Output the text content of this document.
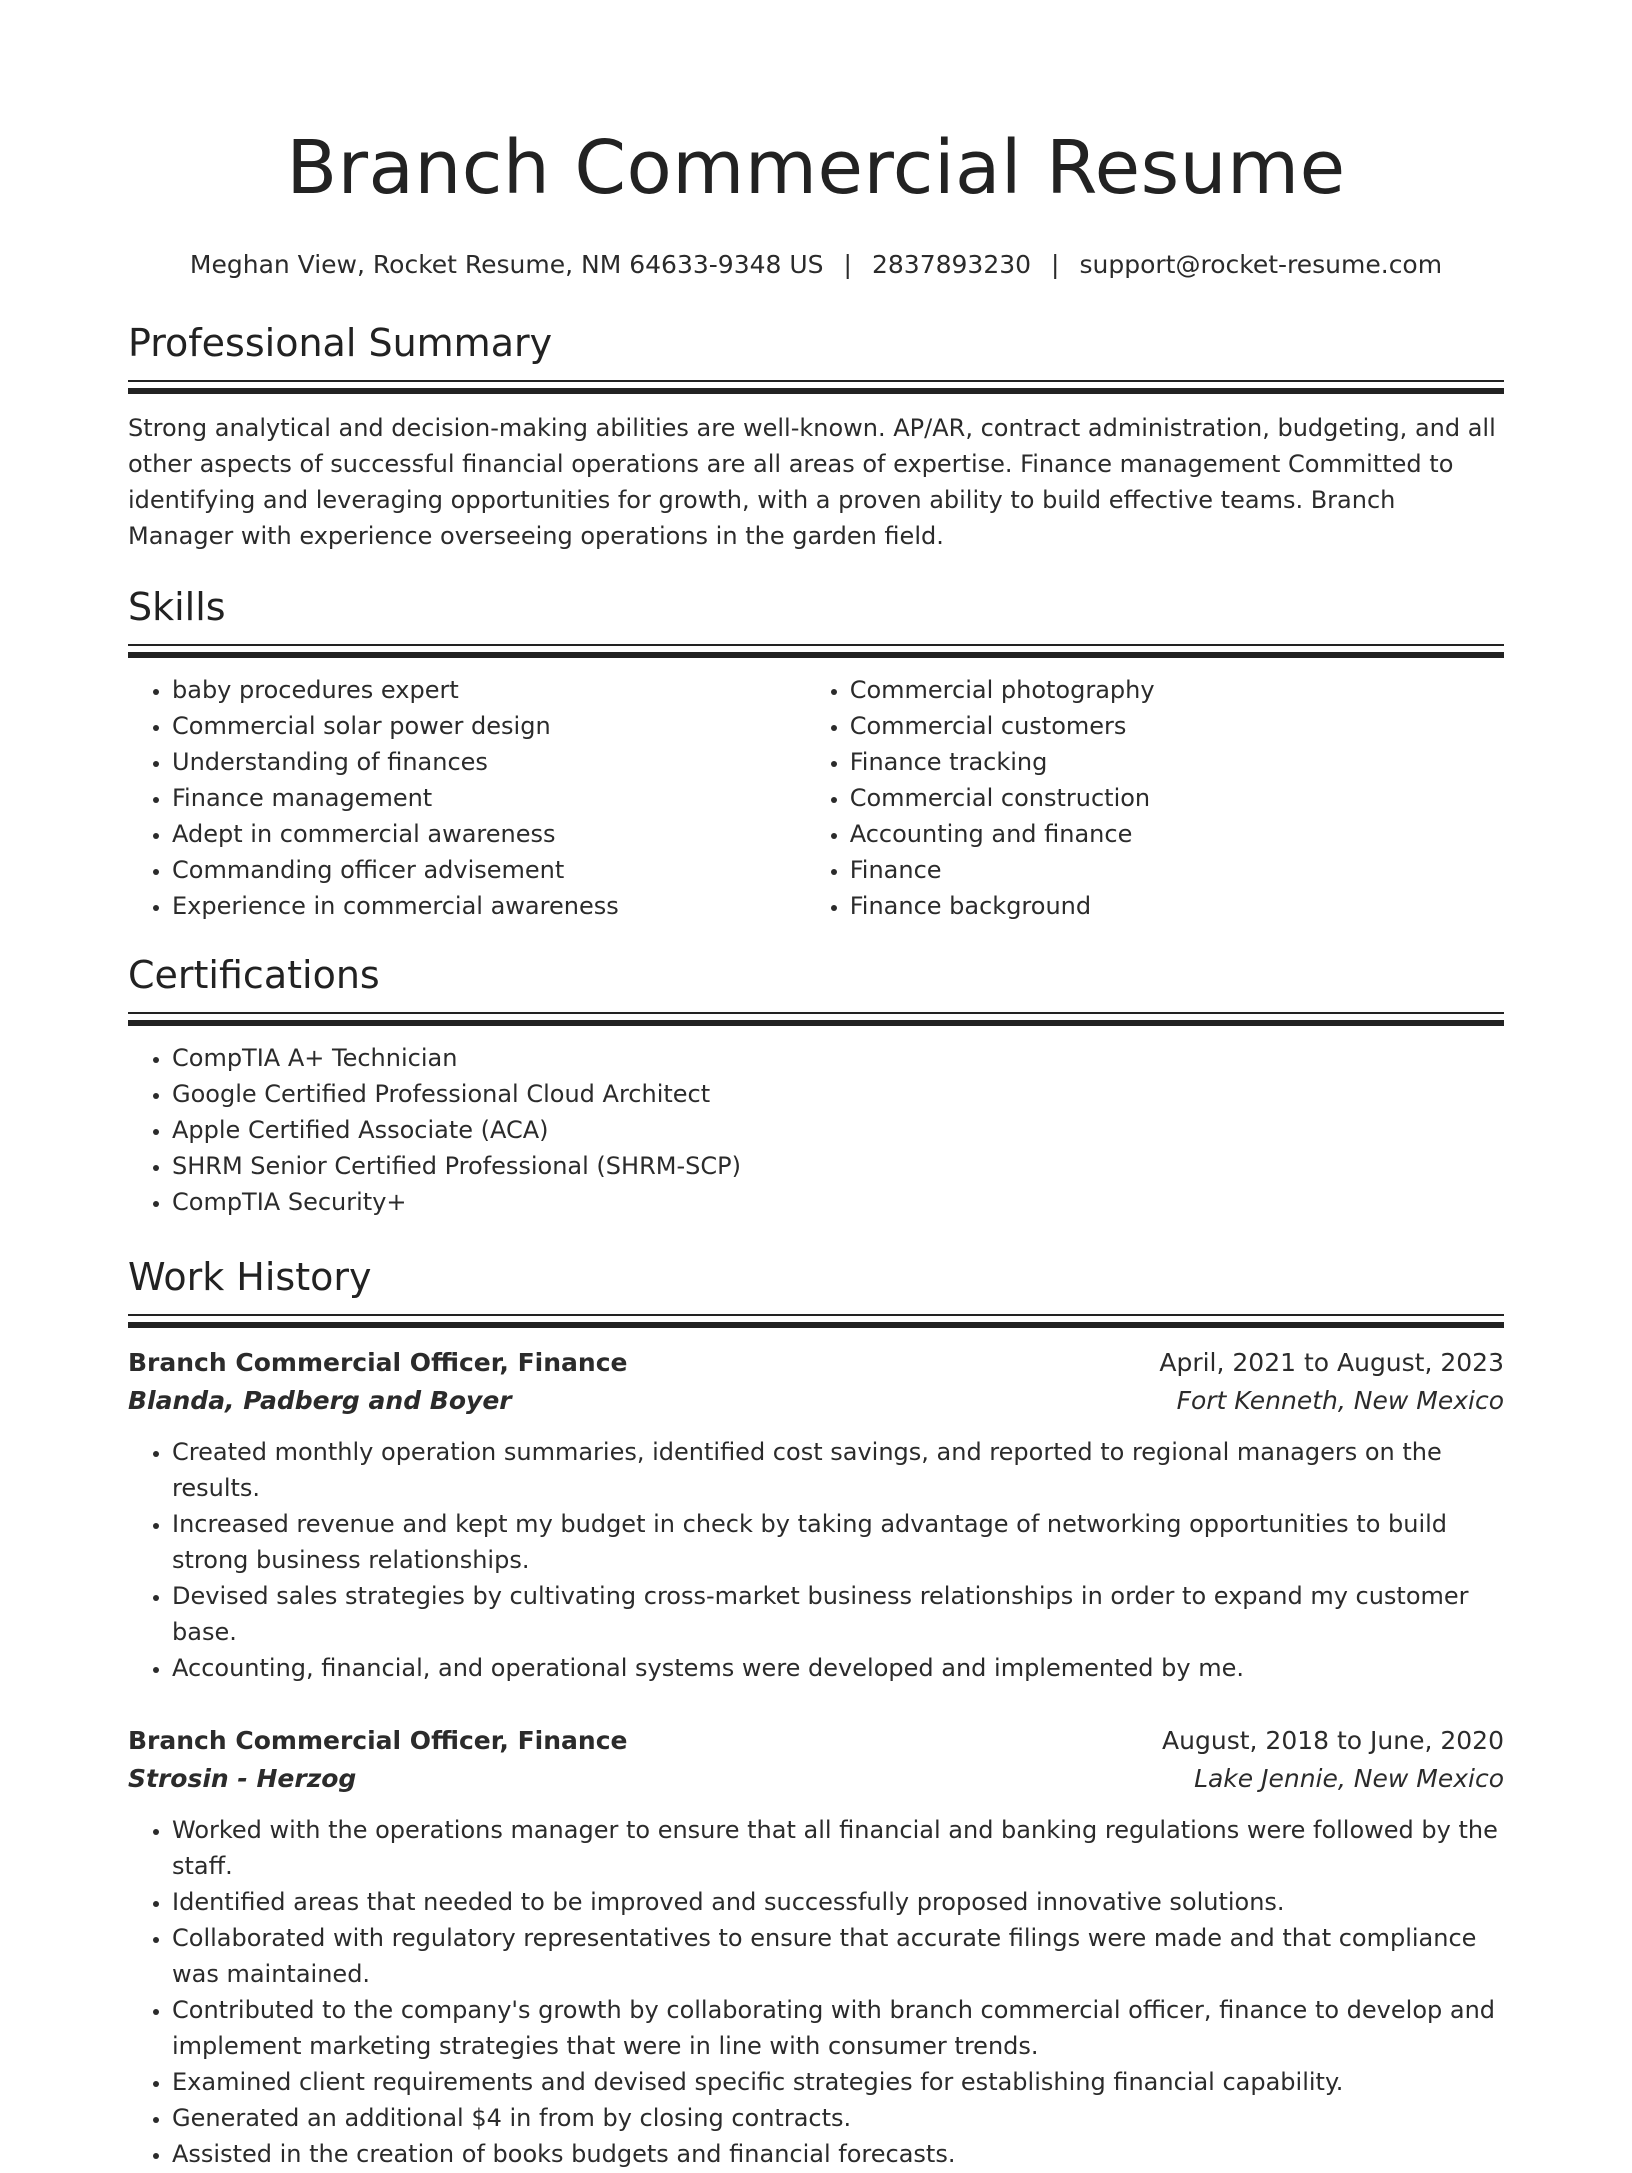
Branch Commercial Resume
Meghan View, Rocket Resume, NM 64633-9348 US | 2837893230 | support@rocket-resume.com
Professional Summary

Strong analytical and decision-making abilities are well-known. AP/AR, contract administration, budgeting, and all other aspects of successful financial operations are all areas of expertise. Finance management Committed to identifying and leveraging opportunities for growth, with a proven ability to build effective teams. Branch Manager with experience overseeing operations in the garden field.

Skills
• baby procedures expert
• Commercial solar power design
• Understanding of finances
• Finance management
• Adept in commercial awareness
• Commanding officer advisement
• Experience in commercial awareness
• Commercial photography
• Commercial customers
• Finance tracking
• Commercial construction
• Accounting and finance
• Finance
• Finance background
Certifications
• CompTIA A+ Technician
• Google Certified Professional Cloud Architect
• Apple Certified Associate (ACA)
• SHRM Senior Certified Professional (SHRM-SCP)
• CompTIA Security+
Work History
Branch Commercial Officer, Finance	April, 2021 to August, 2023
Blanda, Padberg and Boyer	Fort Kenneth, New Mexico
• Created monthly operation summaries, identified cost savings, and reported to regional managers on the results.
• Increased revenue and kept my budget in check by taking advantage of networking opportunities to build strong business relationships.
• Devised sales strategies by cultivating cross-market business relationships in order to expand my customer base.
• Accounting, financial, and operational systems were developed and implemented by me.
Branch Commercial Officer, Finance	August, 2018 to June, 2020
Strosin - Herzog	Lake Jennie, New Mexico
• Worked with the operations manager to ensure that all financial and banking regulations were followed by the staff.
• Identified areas that needed to be improved and successfully proposed innovative solutions.
• Collaborated with regulatory representatives to ensure that accurate filings were made and that compliance was maintained.
• Contributed to the company's growth by collaborating with branch commercial officer, finance to develop and implement marketing strategies that were in line with consumer trends.
• Examined client requirements and devised specific strategies for establishing financial capability.
• Generated an additional $4 in from by closing contracts.
• Assisted in the creation of books budgets and financial forecasts.
